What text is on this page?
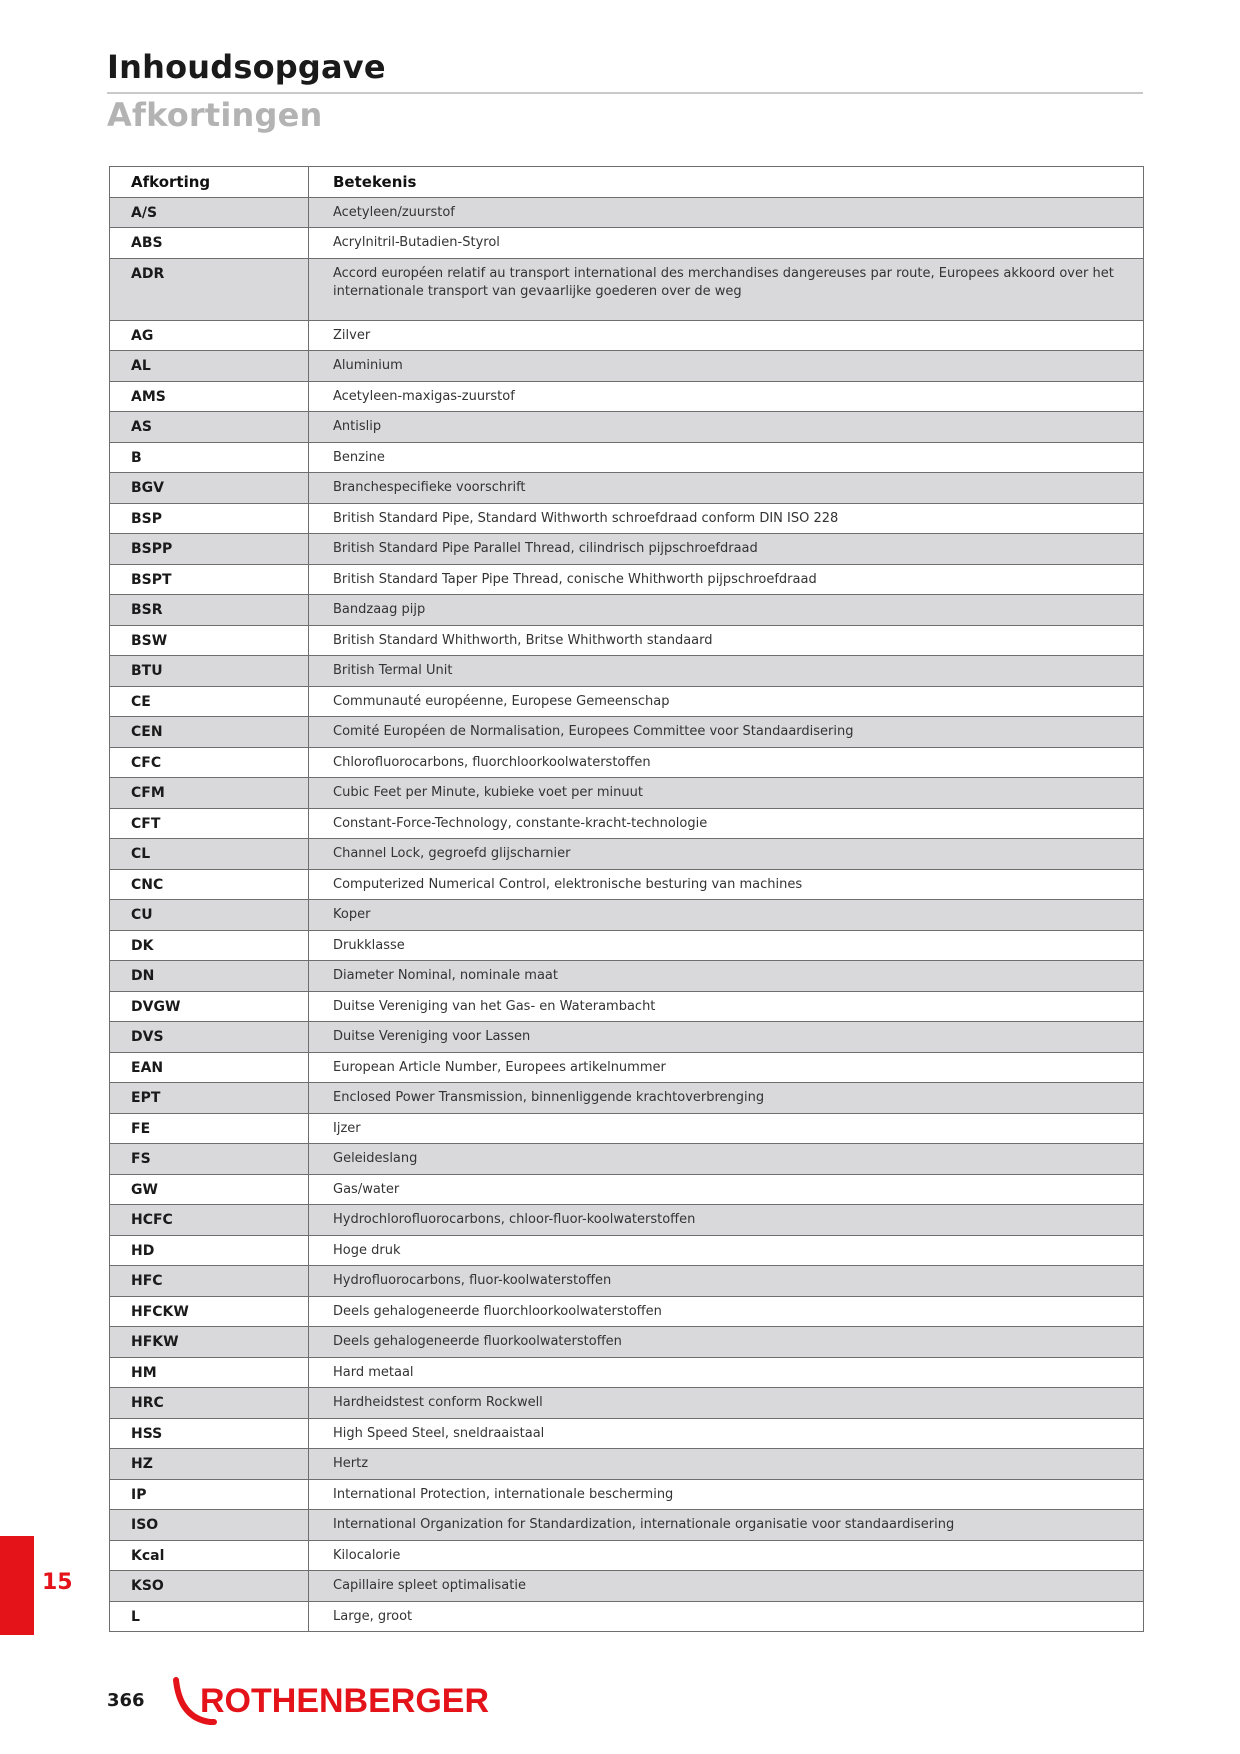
Inhoudsopgave
Afkortingen
Afkorting	Betekenis
A/S	Acetyleen/zuurstof
ABS	Acrylnitril-Butadien-Styrol
ADR	Accord européen relatif au transport international des merchandises dangereuses par route, Europees akkoord over het internationale transport van gevaarlijke goederen over de weg
AG	Zilver
AL	Aluminium
AMS	Acetyleen-maxigas-zuurstof
AS	Antislip
B	Benzine
BGV	Branchespecifieke voorschrift
BSP	British Standard Pipe, Standard Withworth schroefdraad conform DIN ISO 228
BSPP	British Standard Pipe Parallel Thread, cilindrisch pijpschroefdraad
BSPT	British Standard Taper Pipe Thread, conische Whithworth pijpschroefdraad
BSR	Bandzaag pijp
BSW	British Standard Whithworth, Britse Whithworth standaard
BTU	British Termal Unit
CE	Communauté européenne, Europese Gemeenschap
CEN	Comité Européen de Normalisation, Europees Committee voor Standaardisering
CFC	Chlorofluorocarbons, fluorchloorkoolwaterstoffen
CFM	Cubic Feet per Minute, kubieke voet per minuut
CFT	Constant-Force-Technology, constante-kracht-technologie
CL	Channel Lock, gegroefd glijscharnier
CNC	Computerized Numerical Control, elektronische besturing van machines
CU	Koper
DK	Drukklasse
DN	Diameter Nominal, nominale maat
DVGW	Duitse Vereniging van het Gas- en Waterambacht
DVS	Duitse Vereniging voor Lassen
EAN	European Article Number, Europees artikelnummer
EPT	Enclosed Power Transmission, binnenliggende krachtoverbrenging
FE	Ijzer
FS	Geleideslang
GW	Gas/water
HCFC	Hydrochlorofluorocarbons, chloor-fluor-koolwaterstoffen
HD	Hoge druk
HFC	Hydrofluorocarbons, fluor-koolwaterstoffen
HFCKW	Deels gehalogeneerde fluorchloorkoolwaterstoffen
HFKW	Deels gehalogeneerde fluorkoolwaterstoffen
HM	Hard metaal
HRC	Hardheidstest conform Rockwell
HSS	High Speed Steel, sneldraaistaal
HZ	Hertz
IP	International Protection, internationale bescherming
ISO	International Organization for Standardization, internationale organisatie voor standaardisering
Kcal	Kilocalorie
KSO	Capillaire spleet optimalisatie
L	Large, groot
15
366 ROTHENBERGER
